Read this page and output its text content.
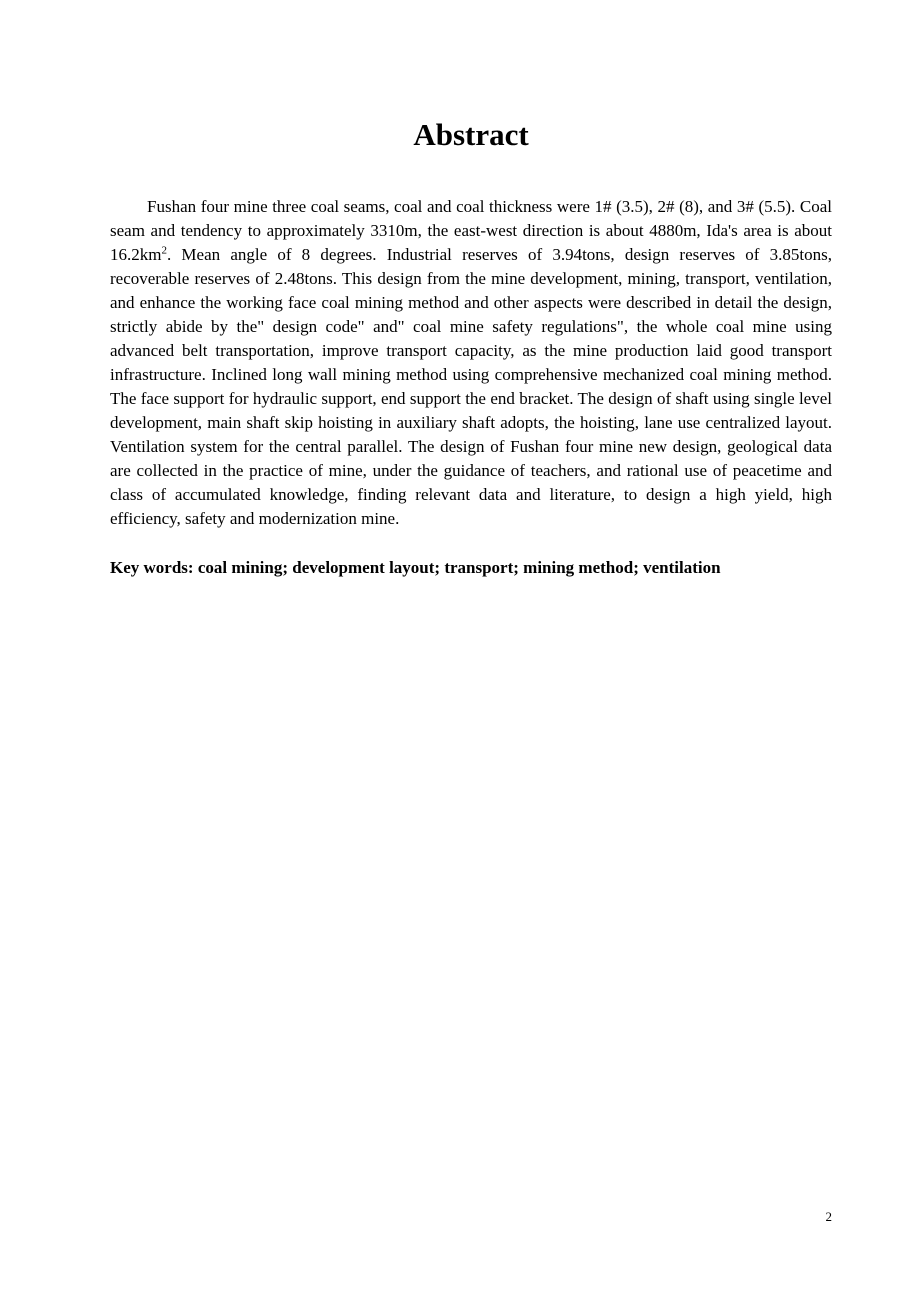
Abstract

Fushan four mine three coal seams, coal and coal thickness were 1# (3.5), 2# (8), and 3# (5.5). Coal seam and tendency to approximately 3310m, the east-west direction is about 4880m, Ida's area is about $16.2km^2$. Mean angle of 8 degrees. Industrial reserves of 3.94tons, design reserves of 3.85tons, recoverable reserves of 2.48tons. This design from the mine development, mining, transport, ventilation, and enhance the working face coal mining method and other aspects were described in detail the design, strictly abide by the" design code" and" coal mine safety regulations", the whole coal mine using advanced belt transportation, improve transport capacity, as the mine production laid good transport infrastructure. Inclined long wall mining method using comprehensive mechanized coal mining method. The face support for hydraulic support, end support the end bracket. The design of shaft using single level development, main shaft skip hoisting in auxiliary shaft adopts, the hoisting, lane use centralized layout. Ventilation system for the central parallel. The design of Fushan four mine new design, geological data are collected in the practice of mine, under the guidance of teachers, and rational use of peacetime and class of accumulated knowledge, finding relevant data and literature, to design a high yield, high efficiency, safety and modernization mine.

Key words: coal mining; development layout; transport; mining method; ventilation

2
